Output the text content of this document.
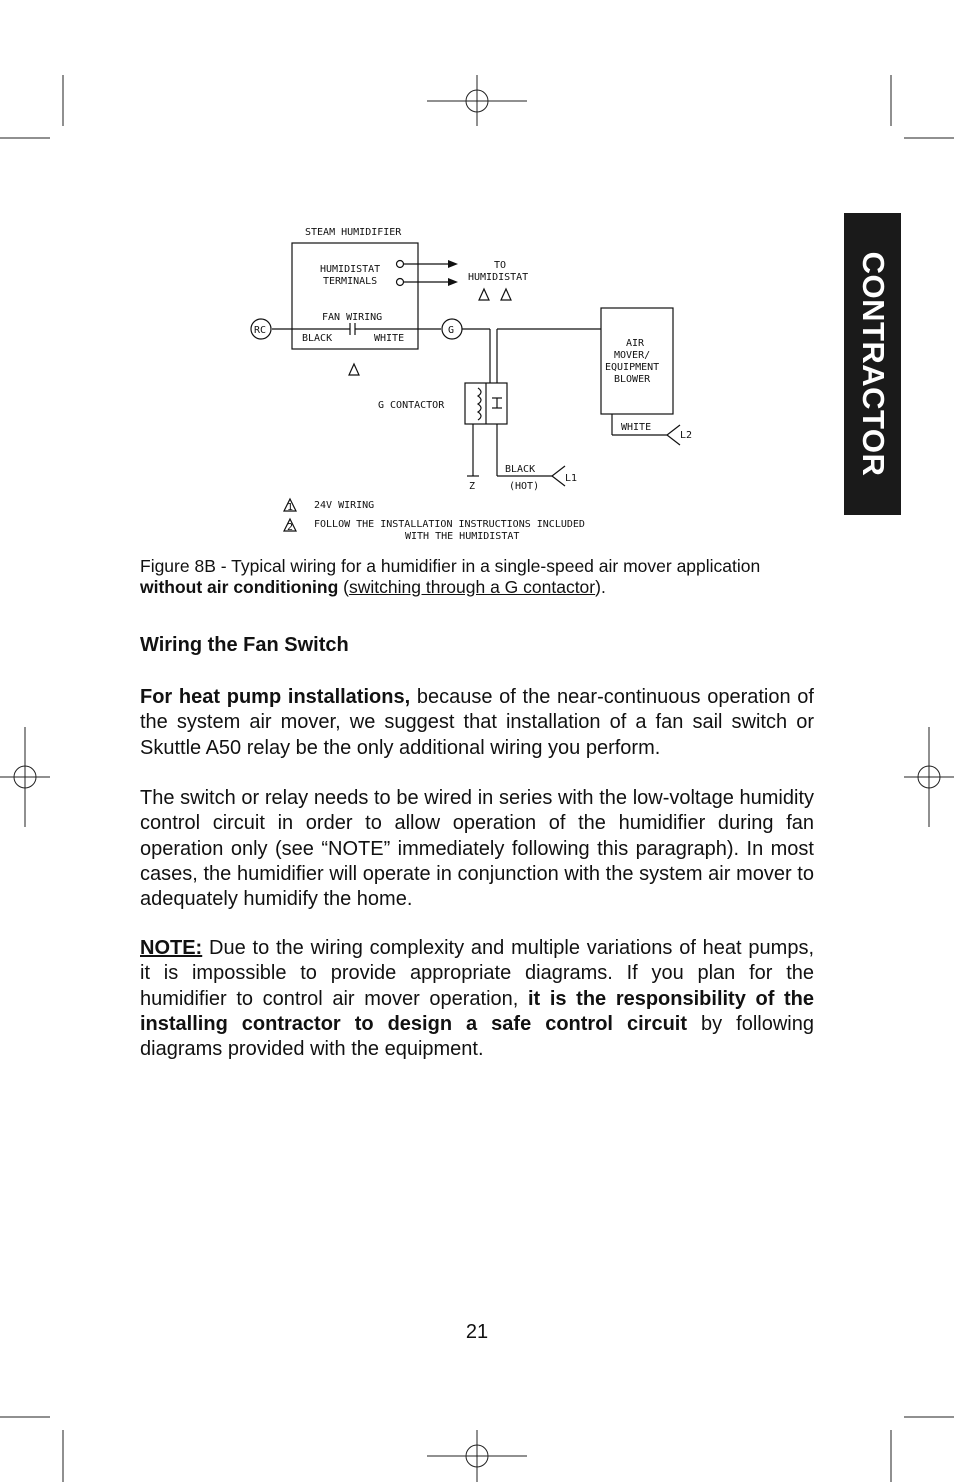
CONTRACTOR
STEAM HUMIDIFIER
HUMIDISTAT
TERMINALS
TO
HUMIDISTAT
FAN WIRING
BLACK	WHITE
RC	G
G CONTACTOR
AIR
MOVER/
EQUIPMENT
BLOWER
WHITE
L2
BLACK
(HOT)
L1
Z
1
2
24V WIRING
FOLLOW THE INSTALLATION INSTRUCTIONS INCLUDED
WITH THE HUMIDISTAT
Figure 8B - Typical wiring for a humidifier in a single-speed air mover application
without air conditioning (switching through a G contactor).
Wiring the Fan Switch

For heat pump installations, because of the near-continuous operation of the system air mover, we suggest that installation of a fan sail switch or Skuttle A50 relay be the only additional wiring you perform.

The switch or relay needs to be wired in series with the low-voltage humidity control circuit in order to allow operation of the humidifier during fan operation only (see “NOTE” immediately following this paragraph). In most cases, the humidifier will operate in conjunction with the system air mover to adequately humidify the home.

NOTE: Due to the wiring complexity and multiple variations of heat pumps, it is impossible to provide appropriate diagrams. If you plan for the humidifier to control air mover operation, it is the responsibility of the installing contractor to design a safe control circuit by following diagrams provided with the equipment.

21
